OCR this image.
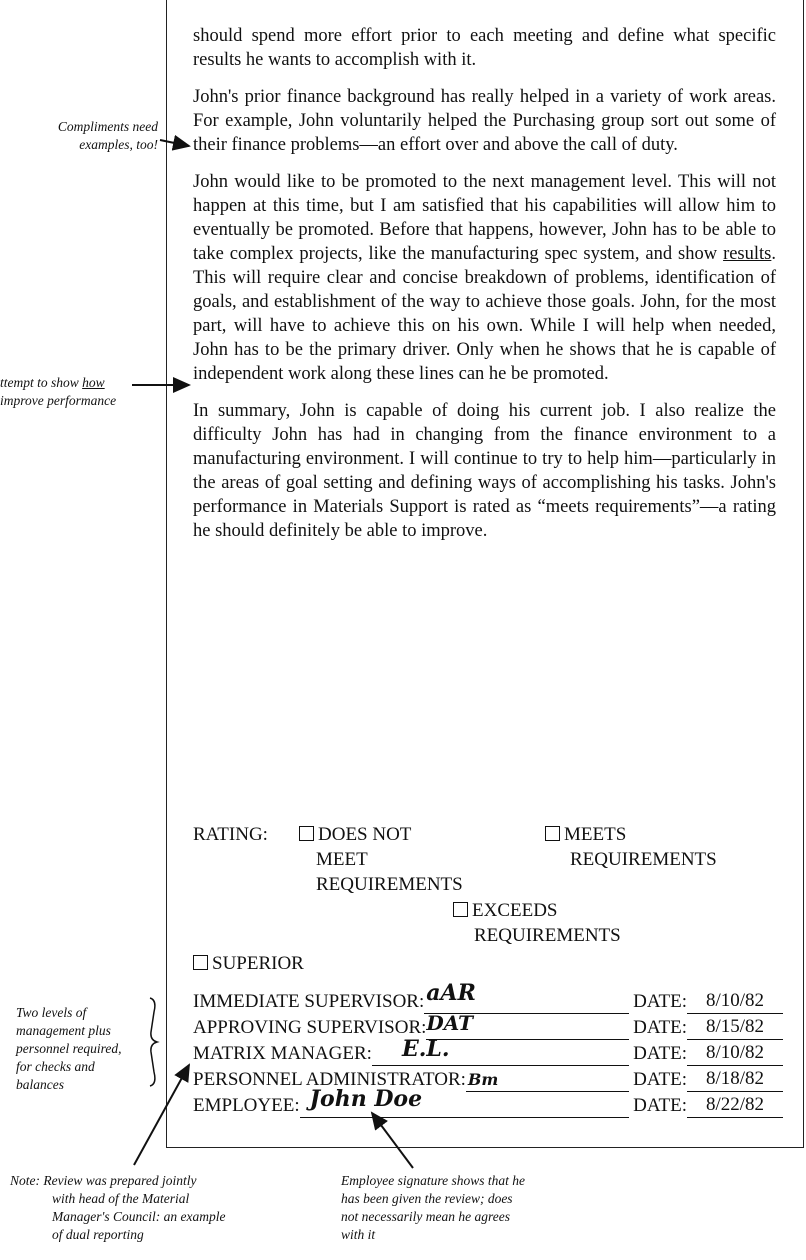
should spend more effort prior to each meeting and define what specific results he wants to accomplish with it.

John's prior finance background has really helped in a variety of work areas. For example, John voluntarily helped the Purchasing group sort out some of their finance problems—an effort over and above the call of duty.

John would like to be promoted to the next management level. This will not happen at this time, but I am satisfied that his capabilities will allow him to eventually be promoted. Before that happens, however, John has to be able to take complex projects, like the manufacturing spec system, and show results. This will require clear and concise breakdown of problems, identification of goals, and establishment of the way to achieve those goals. John, for the most part, will have to achieve this on his own. While I will help when needed, John has to be the primary driver. Only when he shows that he is capable of independent work along these lines can he be promoted.

In summary, John is capable of doing his current job. I also realize the difficulty John has had in changing from the finance environment to a manufacturing environment. I will continue to try to help him—particularly in the areas of goal setting and defining ways of accomplishing his tasks. John's performance in Materials Support is rated as “meets requirements”—a rating he should definitely be able to improve.

Compliments need
examples, too!
ttempt to show how
improve performance
Two levels of
management plus
personnel required,
for checks and
balances
Note: Review was prepared jointly
with head of the Material
Manager's Council: an example
of dual reporting
Employee signature shows that he
has been given the review; does
not necessarily mean he agrees
with it
RATING:	DOES NOT
MEET
REQUIREMENTS
MEETS
REQUIREMENTS
EXCEEDS
REQUIREMENTS
SUPERIOR
IMMEDIATE SUPERVISOR: aAR	DATE: 8/10/82
APPROVING SUPERVISOR: DAT	DATE: 8/15/82
MATRIX MANAGER: E.L.	DATE: 8/10/82
PERSONNEL ADMINISTRATOR: Bm	DATE: 8/18/82
EMPLOYEE: John Doe	DATE: 8/22/82
